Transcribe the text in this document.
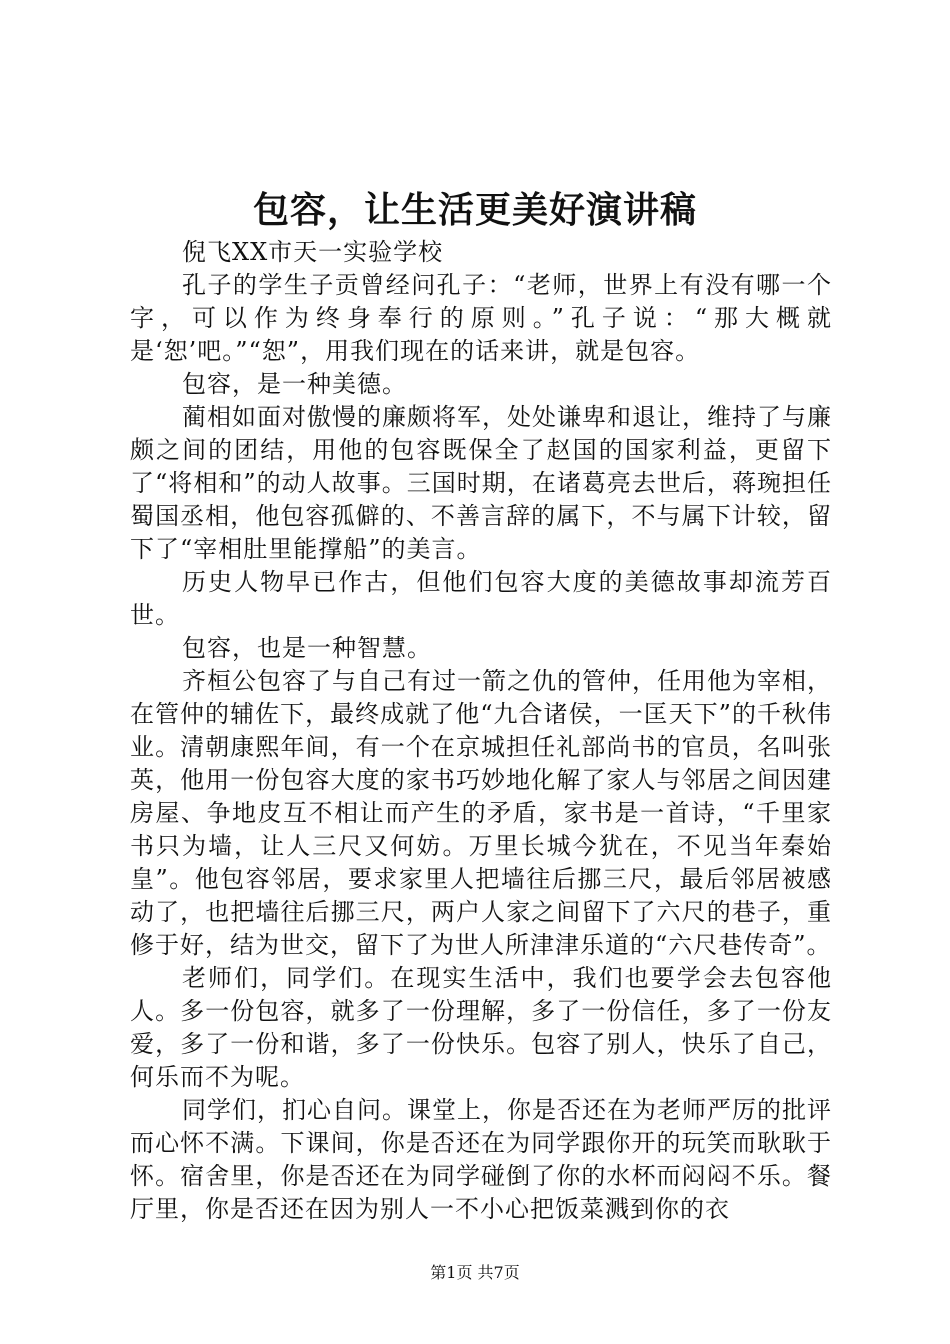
包容，让生活更美好演讲稿

倪飞XX市天一实验学校

孔子的学生子贡曾经问孔子：“老师，世界上有没有哪一个字，可以作为终身奉行的原则。”孔子说：“那大概就是‘恕’吧。”“恕”，用我们现在的话来讲，就是包容。

包容，是一种美德。

蔺相如面对傲慢的廉颇将军，处处谦卑和退让，维持了与廉颇之间的团结，用他的包容既保全了赵国的国家利益，更留下了“将相和”的动人故事。三国时期，在诸葛亮去世后，蒋琬担任蜀国丞相，他包容孤僻的、不善言辞的属下，不与属下计较，留下了“宰相肚里能撑船”的美言。

历史人物早已作古，但他们包容大度的美德故事却流芳百世。

包容，也是一种智慧。

齐桓公包容了与自己有过一箭之仇的管仲，任用他为宰相，在管仲的辅佐下，最终成就了他“九合诸侯，一匡天下”的千秋伟业。清朝康熙年间，有一个在京城担任礼部尚书的官员，名叫张英，他用一份包容大度的家书巧妙地化解了家人与邻居之间因建房屋、争地皮互不相让而产生的矛盾，家书是一首诗，“千里家书只为墙，让人三尺又何妨。万里长城今犹在，不见当年秦始皇”。他包容邻居，要求家里人把墙往后挪三尺，最后邻居被感动了，也把墙往后挪三尺，两户人家之间留下了六尺的巷子，重修于好，结为世交，留下了为世人所津津乐道的“六尺巷传奇”。

老师们，同学们。在现实生活中，我们也要学会去包容他人。多一份包容，就多了一份理解，多了一份信任，多了一份友爱，多了一份和谐，多了一份快乐。包容了别人，快乐了自己，何乐而不为呢。

同学们，扪心自问。课堂上，你是否还在为老师严厉的批评而心怀不满。下课间，你是否还在为同学跟你开的玩笑而耿耿于怀。宿舍里，你是否还在为同学碰倒了你的水杯而闷闷不乐。餐厅里，你是否还在因为别人一不小心把饭菜溅到你的衣

第1页 共7页
